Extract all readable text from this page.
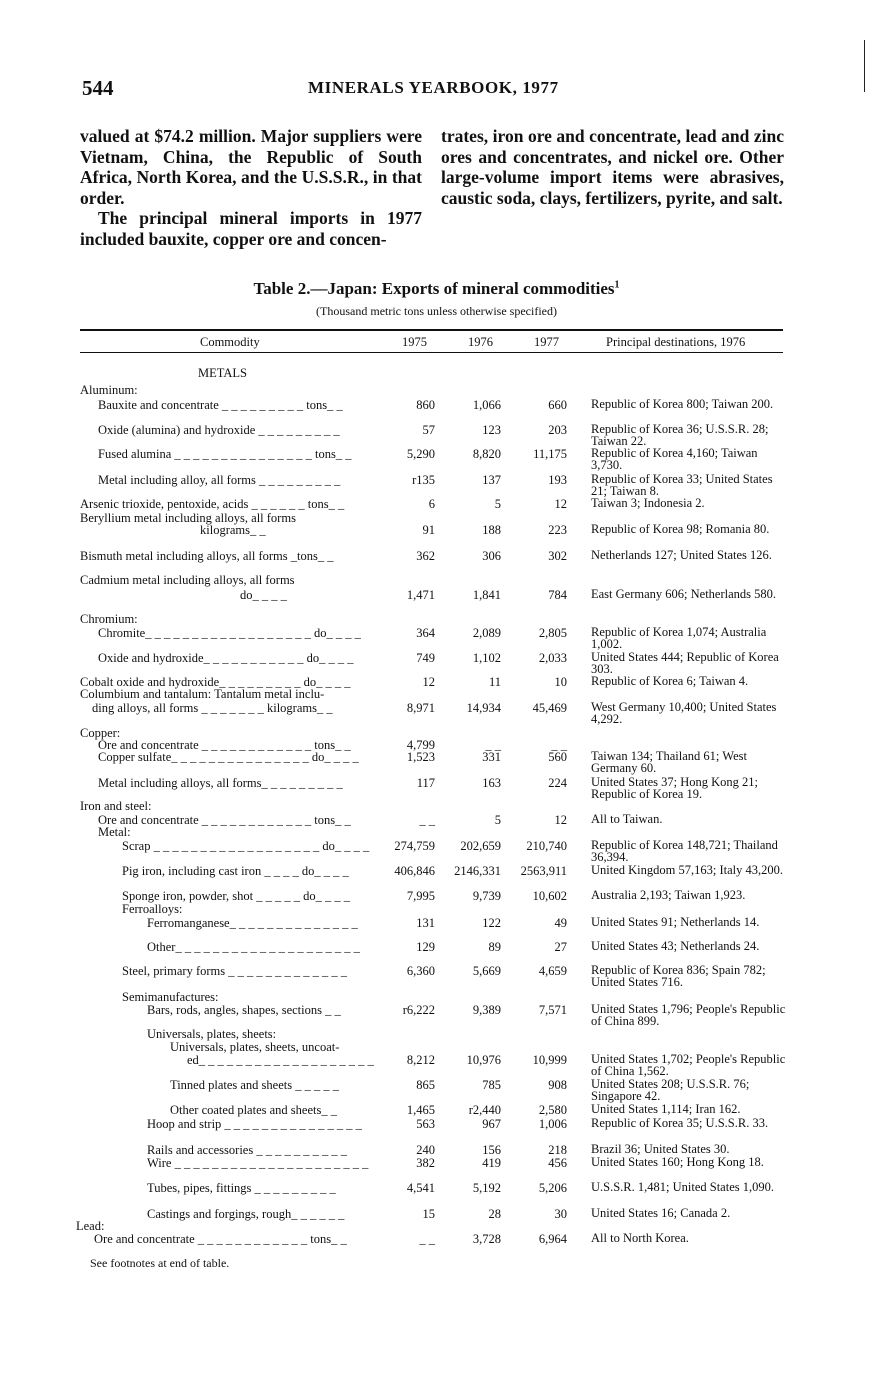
544	MINERALS YEARBOOK, 1977

valued at $74.2 million. Major suppliers were Vietnam, China, the Republic of South Africa, North Korea, and the U.S.S.R., in that order.

The principal mineral imports in 1977 included bauxite, copper ore and concen-

trates, iron ore and concentrate, lead and zinc ores and concentrates, and nickel ore. Other large-volume import items were abrasives, caustic soda, clays, fertilizers, pyrite, and salt.

Table 2.—Japan: Exports of mineral commodities$^1$
(Thousand metric tons unless otherwise specified)
Commodity	1975	1976	1977	Principal destinations, 1976
METALS
Aluminum:
Bauxite and concentrate _ _ _ _ _ _ _ _ _ tons_ _	860	1,066	660 Republic of Korea 800; Taiwan 200.
Oxide (alumina) and hydroxide _ _ _ _ _ _ _ _ _	57	123	203 Republic of Korea 36; U.S.S.R. 28; Taiwan 22.
Fused alumina _ _ _ _ _ _ _ _ _ _ _ _ _ _ _ tons_ _	5,290	8,820	11,175 Republic of Korea 4,160; Taiwan 3,730.
Metal including alloy, all forms _ _ _ _ _ _ _ _ _	r135	137	193 Republic of Korea 33; United States 21; Taiwan 8.
Arsenic trioxide, pentoxide, acids _ _ _ _ _ _ tons_ _	6	5	12 Taiwan 3; Indonesia 2.
Beryllium metal including alloys, all forms
kilograms_ _	91	188	223 Republic of Korea 98; Romania 80.
Bismuth metal including alloys, all forms _tons_ _	362	306	302 Netherlands 127; United States 126.
Cadmium metal including alloys, all forms
do_ _ _ _	1,471	1,841	784 East Germany 606; Netherlands 580.
Chromium:
Chromite_ _ _ _ _ _ _ _ _ _ _ _ _ _ _ _ _ _ do_ _ _ _	364	2,089	2,805 Republic of Korea 1,074; Australia 1,002.
Oxide and hydroxide_ _ _ _ _ _ _ _ _ _ _ do_ _ _ _	749	1,102	2,033 United States 444; Republic of Korea 303.
Cobalt oxide and hydroxide_ _ _ _ _ _ _ _ _ do_ _ _ _	12	11	10 Republic of Korea 6; Taiwan 4.
Columbium and tantalum: Tantalum metal inclu-
ding alloys, all forms _ _ _ _ _ _ _ kilograms_ _	8,971	14,934	45,469 West Germany 10,400; United States 4,292.
Copper:
Ore and concentrate _ _ _ _ _ _ _ _ _ _ _ _ tons_ _	4,799	_ _	_ _
Copper sulfate_ _ _ _ _ _ _ _ _ _ _ _ _ _ _ do_ _ _ _	1,523	331	560 Taiwan 134; Thailand 61; West Germany 60.
Metal including alloys, all forms_ _ _ _ _ _ _ _ _	117	163	224 United States 37; Hong Kong 21; Republic of Korea 19.
Iron and steel:
Ore and concentrate _ _ _ _ _ _ _ _ _ _ _ _ tons_ _	_ _	5	12 All to Taiwan.
Metal:
Scrap _ _ _ _ _ _ _ _ _ _ _ _ _ _ _ _ _ _ do_ _ _ _ 274,759 202,659 210,740 Republic of Korea 148,721; Thailand 36,394.
Pig iron, including cast iron _ _ _ _ do_ _ _ _	406,846 2146,331 2563,911 United Kingdom 57,163; Italy 43,200.
Sponge iron, powder, shot _ _ _ _ _ do_ _ _ _	7,995	9,739	10,602 Australia 2,193; Taiwan 1,923.
Ferroalloys:
Ferromanganese_ _ _ _ _ _ _ _ _ _ _ _ _ _	131	122	49 United States 91; Netherlands 14.
Other_ _ _ _ _ _ _ _ _ _ _ _ _ _ _ _ _ _ _ _	129	89	27 United States 43; Netherlands 24.
Steel, primary forms _ _ _ _ _ _ _ _ _ _ _ _ _	6,360	5,669	4,659 Republic of Korea 836; Spain 782; United States 716.
Semimanufactures:
Bars, rods, angles, shapes, sections _ _	r6,222	9,389	7,571 United States 1,796; People's Republic of China 899.
Universals, plates, sheets:
Universals, plates, sheets, uncoat-
ed_ _ _ _ _ _ _ _ _ _ _ _ _ _ _ _ _ _ _	8,212	10,976	10,999 United States 1,702; People's Republic of China 1,562.
Tinned plates and sheets _ _ _ _ _	865	785	908 United States 208; U.S.S.R. 76; Singapore 42.
Other coated plates and sheets_ _	1,465	r2,440	2,580 United States 1,114; Iran 162.
Hoop and strip _ _ _ _ _ _ _ _ _ _ _ _ _ _ _	563	967	1,006 Republic of Korea 35; U.S.S.R. 33.
Rails and accessories _ _ _ _ _ _ _ _ _ _	240	156	218 Brazil 36; United States 30.
Wire _ _ _ _ _ _ _ _ _ _ _ _ _ _ _ _ _ _ _ _ _	382	419	456 United States 160; Hong Kong 18.
Tubes, pipes, fittings _ _ _ _ _ _ _ _ _	4,541	5,192	5,206 U.S.S.R. 1,481; United States 1,090.
Castings and forgings, rough_ _ _ _ _ _	15	28	30 United States 16; Canada 2.
Lead:
Ore and concentrate _ _ _ _ _ _ _ _ _ _ _ _ tons_ _	_ _	3,728	6,964 All to North Korea.
See footnotes at end of table.
